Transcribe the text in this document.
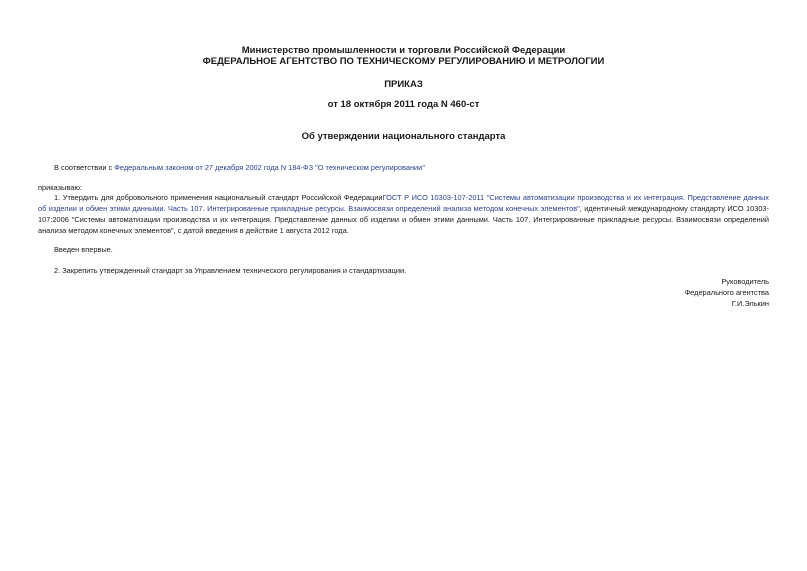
Министерство промышленности и торговли Российской Федерации
ФЕДЕРАЛЬНОЕ АГЕНТСТВО ПО ТЕХНИЧЕСКОМУ РЕГУЛИРОВАНИЮ И МЕТРОЛОГИИ
ПРИКАЗ
от 18 октября 2011 года N 460-ст
Об утверждении национального стандарта
В соответствии с Федеральным законом от 27 декабря 2002 года N 184-ФЗ "О техническом регулировании"
приказываю:
1. Утвердить для добровольного применения национальный стандарт Российской ФедерацииГОСТ Р ИСО 10303-107-2011 "Системы автоматизации производства и их интеграция. Представление данных об изделии и обмен этими данными. Часть 107. Интегрированные прикладные ресурсы. Взаимосвязи определений анализа методом конечных элементов", идентичный международному стандарту ИСО 10303-107:2006 "Системы автоматизации производства и их интеграция. Представление данных об изделии и обмен этими данными. Часть 107. Интегрированные прикладные ресурсы. Взаимосвязи определений анализа методом конечных элементов", с датой введения в действие 1 августа 2012 года.
Введен впервые.
2. Закрепить утвержденный стандарт за Управлением технического регулирования и стандартизации.
Руководитель
Федерального агентства
Г.И.Элькин
